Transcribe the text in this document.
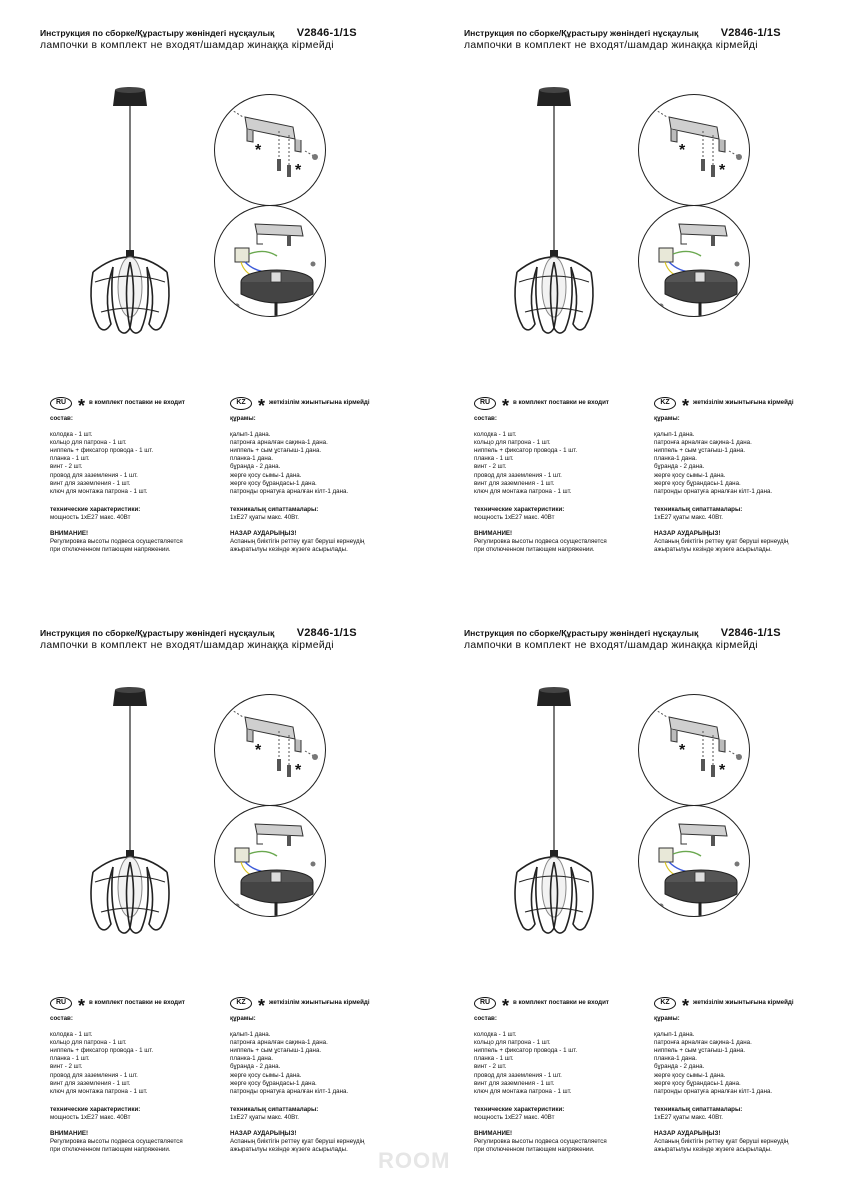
Инструкция по сборке/Құрастыру жөніндегі нұсқаулық V2846-1/1S
лампочки в комплект не входят/шамдар жинаққа кірмейді
*
*
RU * в комплект поставки не входит
состав:
колодка - 1 шт.
кольцо для патрона - 1 шт.
ниппель + фиксатор провода - 1 шт.
планка - 1 шт.
винт - 2 шт.
провод для заземления - 1 шт.
винт для заземления - 1 шт.
ключ для монтажа патрона - 1 шт.
технические характеристики:
мощность 1хЕ27 макс. 40Вт
ВНИМАНИЕ!
Регулировка высоты подвеса осуществляется
при отключенном питающем напряжении.
KZ * жеткізілім жиынтығына кірмейді
құрамы:
қалып-1 дана.
патронға арналған сақина-1 дана.
ниппель + сым ұстағыш-1 дана.
планка-1 дана.
бұранда - 2 дана.
жерге қосу сымы-1 дана.
жерге қосу бұрандасы-1 дана.
патронды орнатуға арналған кілт-1 дана.
техникалық сипаттамалары:
1хЕ27 қуаты макс. 40Вт.
НАЗАР АУДАРЫҢЫЗ!
Аспаның биіктігін реттеу қуат беруші кернеудің
ажыратылуы кезінде жүзеге асырылады.
Инструкция по сборке/Құрастыру жөніндегі нұсқаулық V2846-1/1S
лампочки в комплект не входят/шамдар жинаққа кірмейді
*
*
RU * в комплект поставки не входит
состав:
колодка - 1 шт.
кольцо для патрона - 1 шт.
ниппель + фиксатор провода - 1 шт.
планка - 1 шт.
винт - 2 шт.
провод для заземления - 1 шт.
винт для заземления - 1 шт.
ключ для монтажа патрона - 1 шт.
технические характеристики:
мощность 1хЕ27 макс. 40Вт
ВНИМАНИЕ!
Регулировка высоты подвеса осуществляется
при отключенном питающем напряжении.
KZ * жеткізілім жиынтығына кірмейді
құрамы:
қалып-1 дана.
патронға арналған сақина-1 дана.
ниппель + сым ұстағыш-1 дана.
планка-1 дана.
бұранда - 2 дана.
жерге қосу сымы-1 дана.
жерге қосу бұрандасы-1 дана.
патронды орнатуға арналған кілт-1 дана.
техникалық сипаттамалары:
1хЕ27 қуаты макс. 40Вт.
НАЗАР АУДАРЫҢЫЗ!
Аспаның биіктігін реттеу қуат беруші кернеудің
ажыратылуы кезінде жүзеге асырылады.
Инструкция по сборке/Құрастыру жөніндегі нұсқаулық V2846-1/1S
лампочки в комплект не входят/шамдар жинаққа кірмейді
*
*
RU * в комплект поставки не входит
состав:
колодка - 1 шт.
кольцо для патрона - 1 шт.
ниппель + фиксатор провода - 1 шт.
планка - 1 шт.
винт - 2 шт.
провод для заземления - 1 шт.
винт для заземления - 1 шт.
ключ для монтажа патрона - 1 шт.
технические характеристики:
мощность 1хЕ27 макс. 40Вт
ВНИМАНИЕ!
Регулировка высоты подвеса осуществляется
при отключенном питающем напряжении.
KZ * жеткізілім жиынтығына кірмейді
құрамы:
қалып-1 дана.
патронға арналған сақина-1 дана.
ниппель + сым ұстағыш-1 дана.
планка-1 дана.
бұранда - 2 дана.
жерге қосу сымы-1 дана.
жерге қосу бұрандасы-1 дана.
патронды орнатуға арналған кілт-1 дана.
техникалық сипаттамалары:
1хЕ27 қуаты макс. 40Вт.
НАЗАР АУДАРЫҢЫЗ!
Аспаның биіктігін реттеу қуат беруші кернеудің
ажыратылуы кезінде жүзеге асырылады.
Инструкция по сборке/Құрастыру жөніндегі нұсқаулық V2846-1/1S
лампочки в комплект не входят/шамдар жинаққа кірмейді
*
*
RU * в комплект поставки не входит
состав:
колодка - 1 шт.
кольцо для патрона - 1 шт.
ниппель + фиксатор провода - 1 шт.
планка - 1 шт.
винт - 2 шт.
провод для заземления - 1 шт.
винт для заземления - 1 шт.
ключ для монтажа патрона - 1 шт.
технические характеристики:
мощность 1хЕ27 макс. 40Вт
ВНИМАНИЕ!
Регулировка высоты подвеса осуществляется
при отключенном питающем напряжении.
KZ * жеткізілім жиынтығына кірмейді
құрамы:
қалып-1 дана.
патронға арналған сақина-1 дана.
ниппель + сым ұстағыш-1 дана.
планка-1 дана.
бұранда - 2 дана.
жерге қосу сымы-1 дана.
жерге қосу бұрандасы-1 дана.
патронды орнатуға арналған кілт-1 дана.
техникалық сипаттамалары:
1хЕ27 қуаты макс. 40Вт.
НАЗАР АУДАРЫҢЫЗ!
Аспаның биіктігін реттеу қуат беруші кернеудің
ажыратылуы кезінде жүзеге асырылады.
ROOM
